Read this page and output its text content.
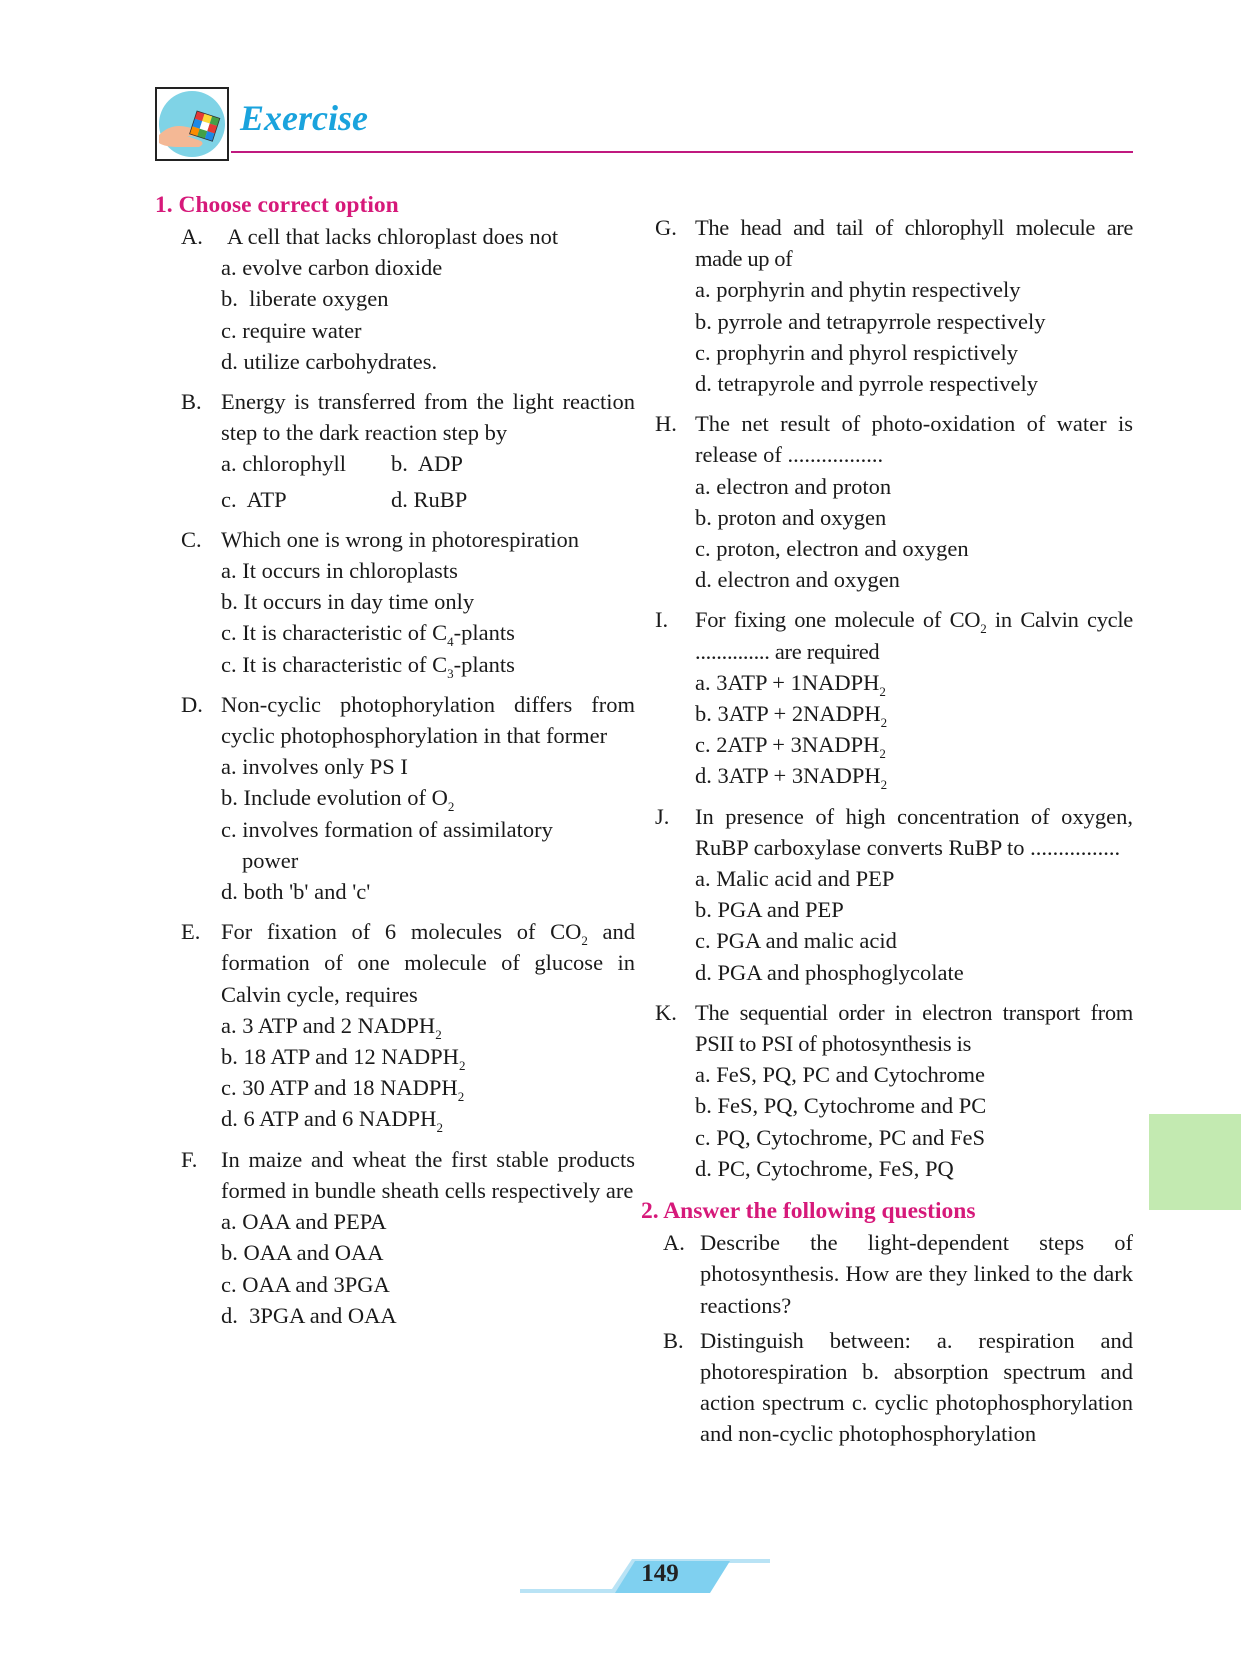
Exercise
1. Choose correct option
A.	A cell that lacks chloroplast does not
a. evolve carbon dioxide
b. liberate oxygen
c. require water
d. utilize carbohydrates.
B. Energy is transferred from the light reaction step to the dark reaction step by
a. chlorophyll	b. ADP
c. ATP	d. RuBP
C. Which one is wrong in photorespiration
a. It occurs in chloroplasts
b. It occurs in day time only
c. It is characteristic of $C_4$-plants
c. It is characteristic of $C_3$-plants
D. Non-cyclic photophorylation differs from cyclic photophosphorylation in that former
a. involves only PS I
b. Include evolution of $O_2$
c. involves formation of assimilatory
power
d. both 'b' and 'c'
E. For fixation of 6 molecules of $CO_2$ and formation of one molecule of glucose in Calvin cycle, requires
a. 3 ATP and 2 $NADPH_2$
b. 18 ATP and 12 $NADPH_2$
c. 30 ATP and 18 $NADPH_2$
d. 6 ATP and 6 $NADPH_2$
F.	In maize and wheat the first stable products formed in bundle sheath cells respectively are
a. OAA and PEPA
b. OAA and OAA
c. OAA and 3PGA
d. 3PGA and OAA
G. The head and tail of chlorophyll molecule are made up of
a. porphyrin and phytin respectively
b. pyrrole and tetrapyrrole respectively
c. prophyrin and phyrol respictively
d. tetrapyrole and pyrrole respectively
H. The net result of photo-oxidation of water is release of .................
a. electron and proton
b. proton and oxygen
c. proton, electron and oxygen
d. electron and oxygen
I.	For fixing one molecule of $CO_2$ in Calvin cycle .............. are required
a. $3ATP + 1NADPH_2$
b. $3ATP + 2NADPH_2$
c. $2ATP + 3NADPH_2$
d. $3ATP + 3NADPH_2$
J.	In presence of high concentration of oxygen, RuBP carboxylase converts RuBP to ................
a. Malic acid and PEP
b. PGA and PEP
c. PGA and malic acid
d. PGA and phosphoglycolate
K. The sequential order in electron transport from PSII to PSI of photosynthesis is
a. FeS, PQ, PC and Cytochrome
b. FeS, PQ, Cytochrome and PC
c. PQ, Cytochrome, PC and FeS
d. PC, Cytochrome, FeS, PQ
2. Answer the following questions
A. Describe the light-dependent steps of photosynthesis. How are they linked to the dark reactions?
B. Distinguish between: a. respiration and photorespiration b. absorption spectrum and action spectrum c. cyclic photophosphorylation and non-cyclic photophosphorylation
149
